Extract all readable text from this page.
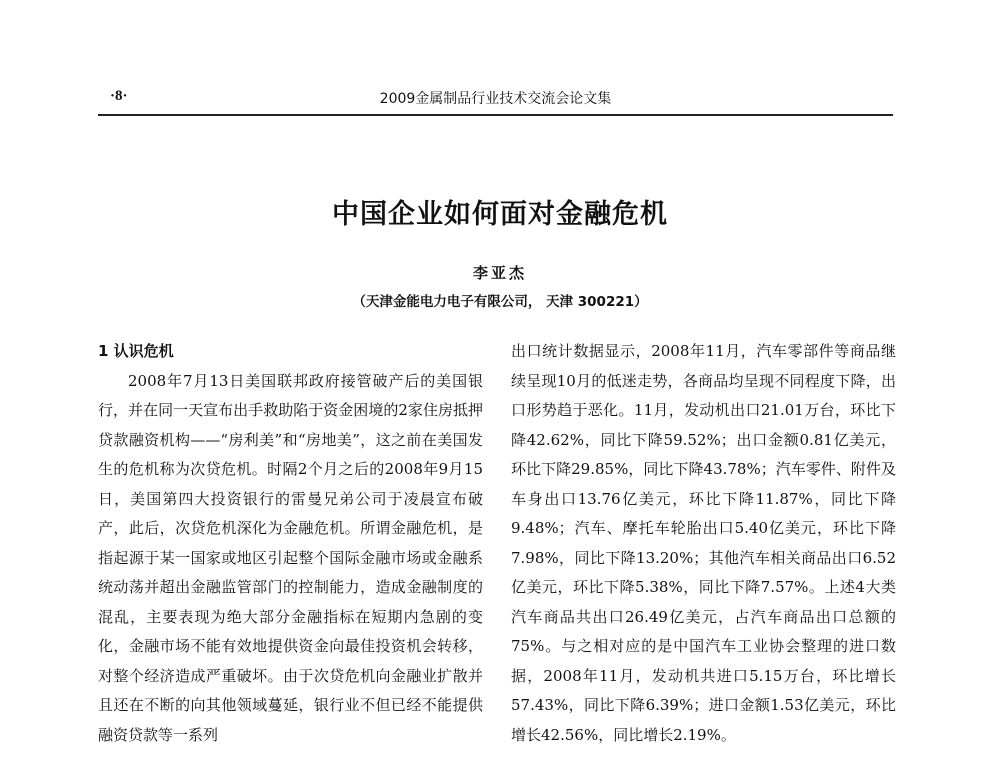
·8·	2009金属制品行业技术交流会论文集
中国企业如何面对金融危机
李亚杰
（天津金能电力电子有限公司， 天津 300221）

1 认识危机

2008年7月13日美国联邦政府接管破产后的美国银行，并在同一天宣布出手救助陷于资金困境的2家住房抵押贷款融资机构——“房利美”和“房地美”，这之前在美国发生的危机称为次贷危机。时隔2个月之后的2008年9月15日，美国第四大投资银行的雷曼兄弟公司于凌晨宣布破产，此后，次贷危机深化为金融危机。所谓金融危机，是指起源于某一国家或地区引起整个国际金融市场或金融系统动荡并超出金融监管部门的控制能力，造成金融制度的混乱，主要表现为绝大部分金融指标在短期内急剧的变化，金融市场不能有效地提供资金向最佳投资机会转移，对整个经济造成严重破坏。由于次贷危机向金融业扩散并且还在不断的向其他领域蔓延，银行业不但已经不能提供融资贷款等一系列

出口统计数据显示，2008年11月，汽车零部件等商品继续呈现10月的低迷走势，各商品均呈现不同程度下降，出口形势趋于恶化。11月，发动机出口21.01万台，环比下降42.62%，同比下降59.52%；出口金额0.81亿美元，环比下降29.85%，同比下降43.78%；汽车零件、附件及车身出口13.76亿美元，环比下降11.87%，同比下降9.48%；汽车、摩托车轮胎出口5.40亿美元，环比下降7.98%，同比下降13.20%；其他汽车相关商品出口6.52亿美元，环比下降5.38%，同比下降7.57%。上述4大类汽车商品共出口26.49亿美元，占汽车商品出口总额的75%。与之相对应的是中国汽车工业协会整理的进口数据，2008年11月，发动机共进口5.15万台，环比增长57.43%，同比下降6.39%；进口金额1.53亿美元，环比增长42.56%，同比增长2.19%。
